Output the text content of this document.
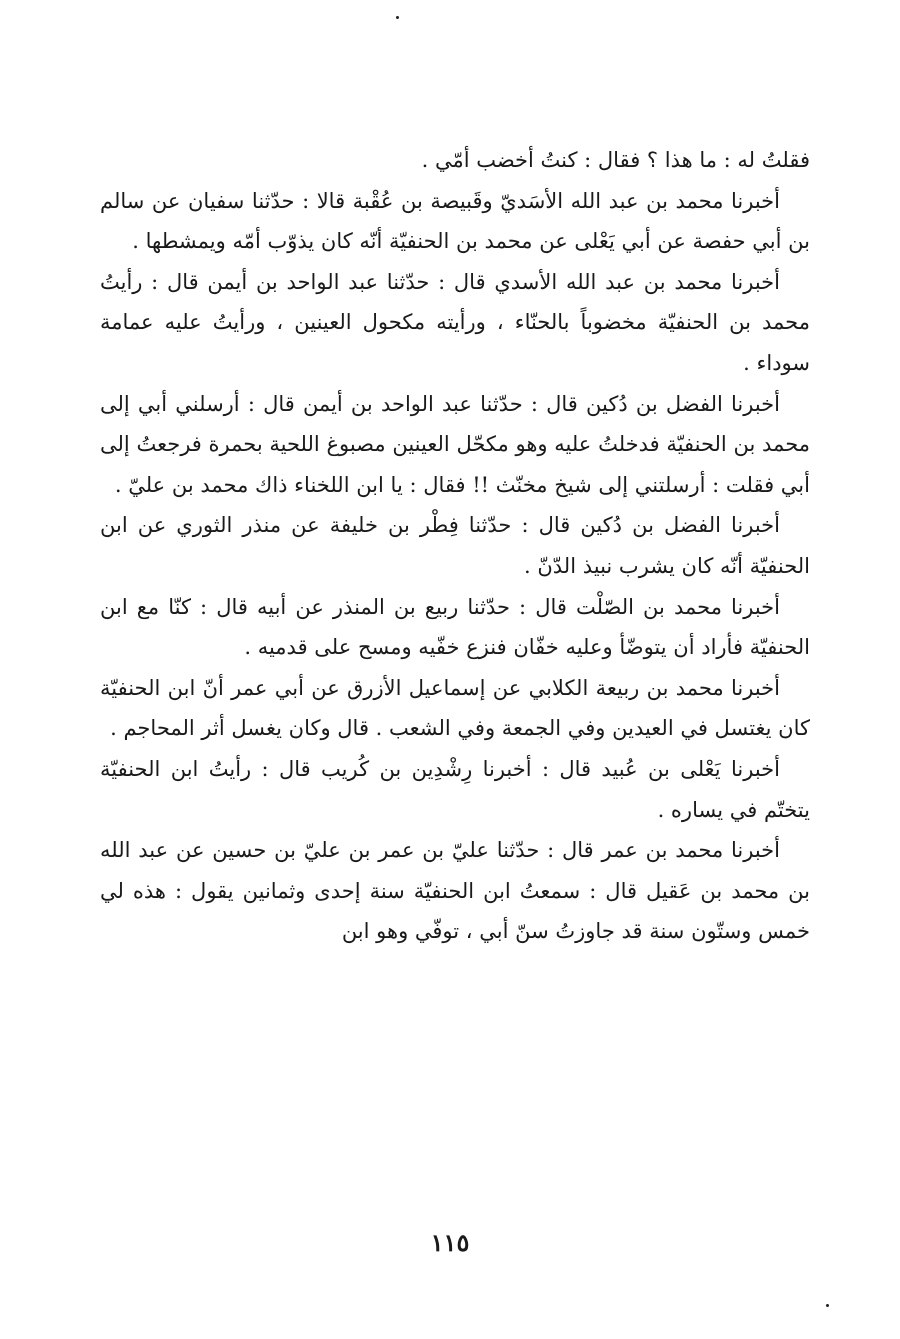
فقلتُ له : ما هذا ؟ فقال : كنتُ أخضب أمّي .

أخبرنا محمد بن عبد الله الأسَديّ وقَبيصة بن عُقْبة قالا : حدّثنا سفيان عن سالم بن أبي حفصة عن أبي يَعْلى عن محمد بن الحنفيّة أنّه كان يذوّب أمّه ويمشطها .

أخبرنا محمد بن عبد الله الأسدي قال : حدّثنا عبد الواحد بن أيمن قال : رأيتُ محمد بن الحنفيّة مخضوباً بالحنّاء ، ورأيته مكحول العينين ، ورأيتُ عليه عمامة سوداء .

أخبرنا الفضل بن دُكين قال : حدّثنا عبد الواحد بن أيمن قال : أرسلني أبي إلى محمد بن الحنفيّة فدخلتُ عليه وهو مكحّل العينين مصبوغ اللحية بحمرة فرجعتُ إلى أبي فقلت : أرسلتني إلى شيخ مخنّث !! فقال : يا ابن اللخناء ذاك محمد بن عليّ .

أخبرنا الفضل بن دُكين قال : حدّثنا فِطْر بن خليفة عن منذر الثوري عن ابن الحنفيّة أنّه كان يشرب نبيذ الدّنّ .

أخبرنا محمد بن الصّلْت قال : حدّثنا ربيع بن المنذر عن أبيه قال : كنّا مع ابن الحنفيّة فأراد أن يتوضّأ وعليه خفّان فنزع خفّيه ومسح على قدميه .

أخبرنا محمد بن ربيعة الكلابي عن إسماعيل الأزرق عن أبي عمر أنّ ابن الحنفيّة كان يغتسل في العيدين وفي الجمعة وفي الشعب . قال وكان يغسل أثر المحاجم .

أخبرنا يَعْلى بن عُبيد قال : أخبرنا رِشْدِين بن كُريب قال : رأيتُ ابن الحنفيّة يتختّم في يساره .

أخبرنا محمد بن عمر قال : حدّثنا عليّ بن عمر بن عليّ بن حسين عن عبد الله بن محمد بن عَقيل قال : سمعتُ ابن الحنفيّة سنة إحدى وثمانين يقول : هذه لي خمس وستّون سنة قد جاوزتُ سنّ أبي ، توفّي وهو ابن

١١٥
